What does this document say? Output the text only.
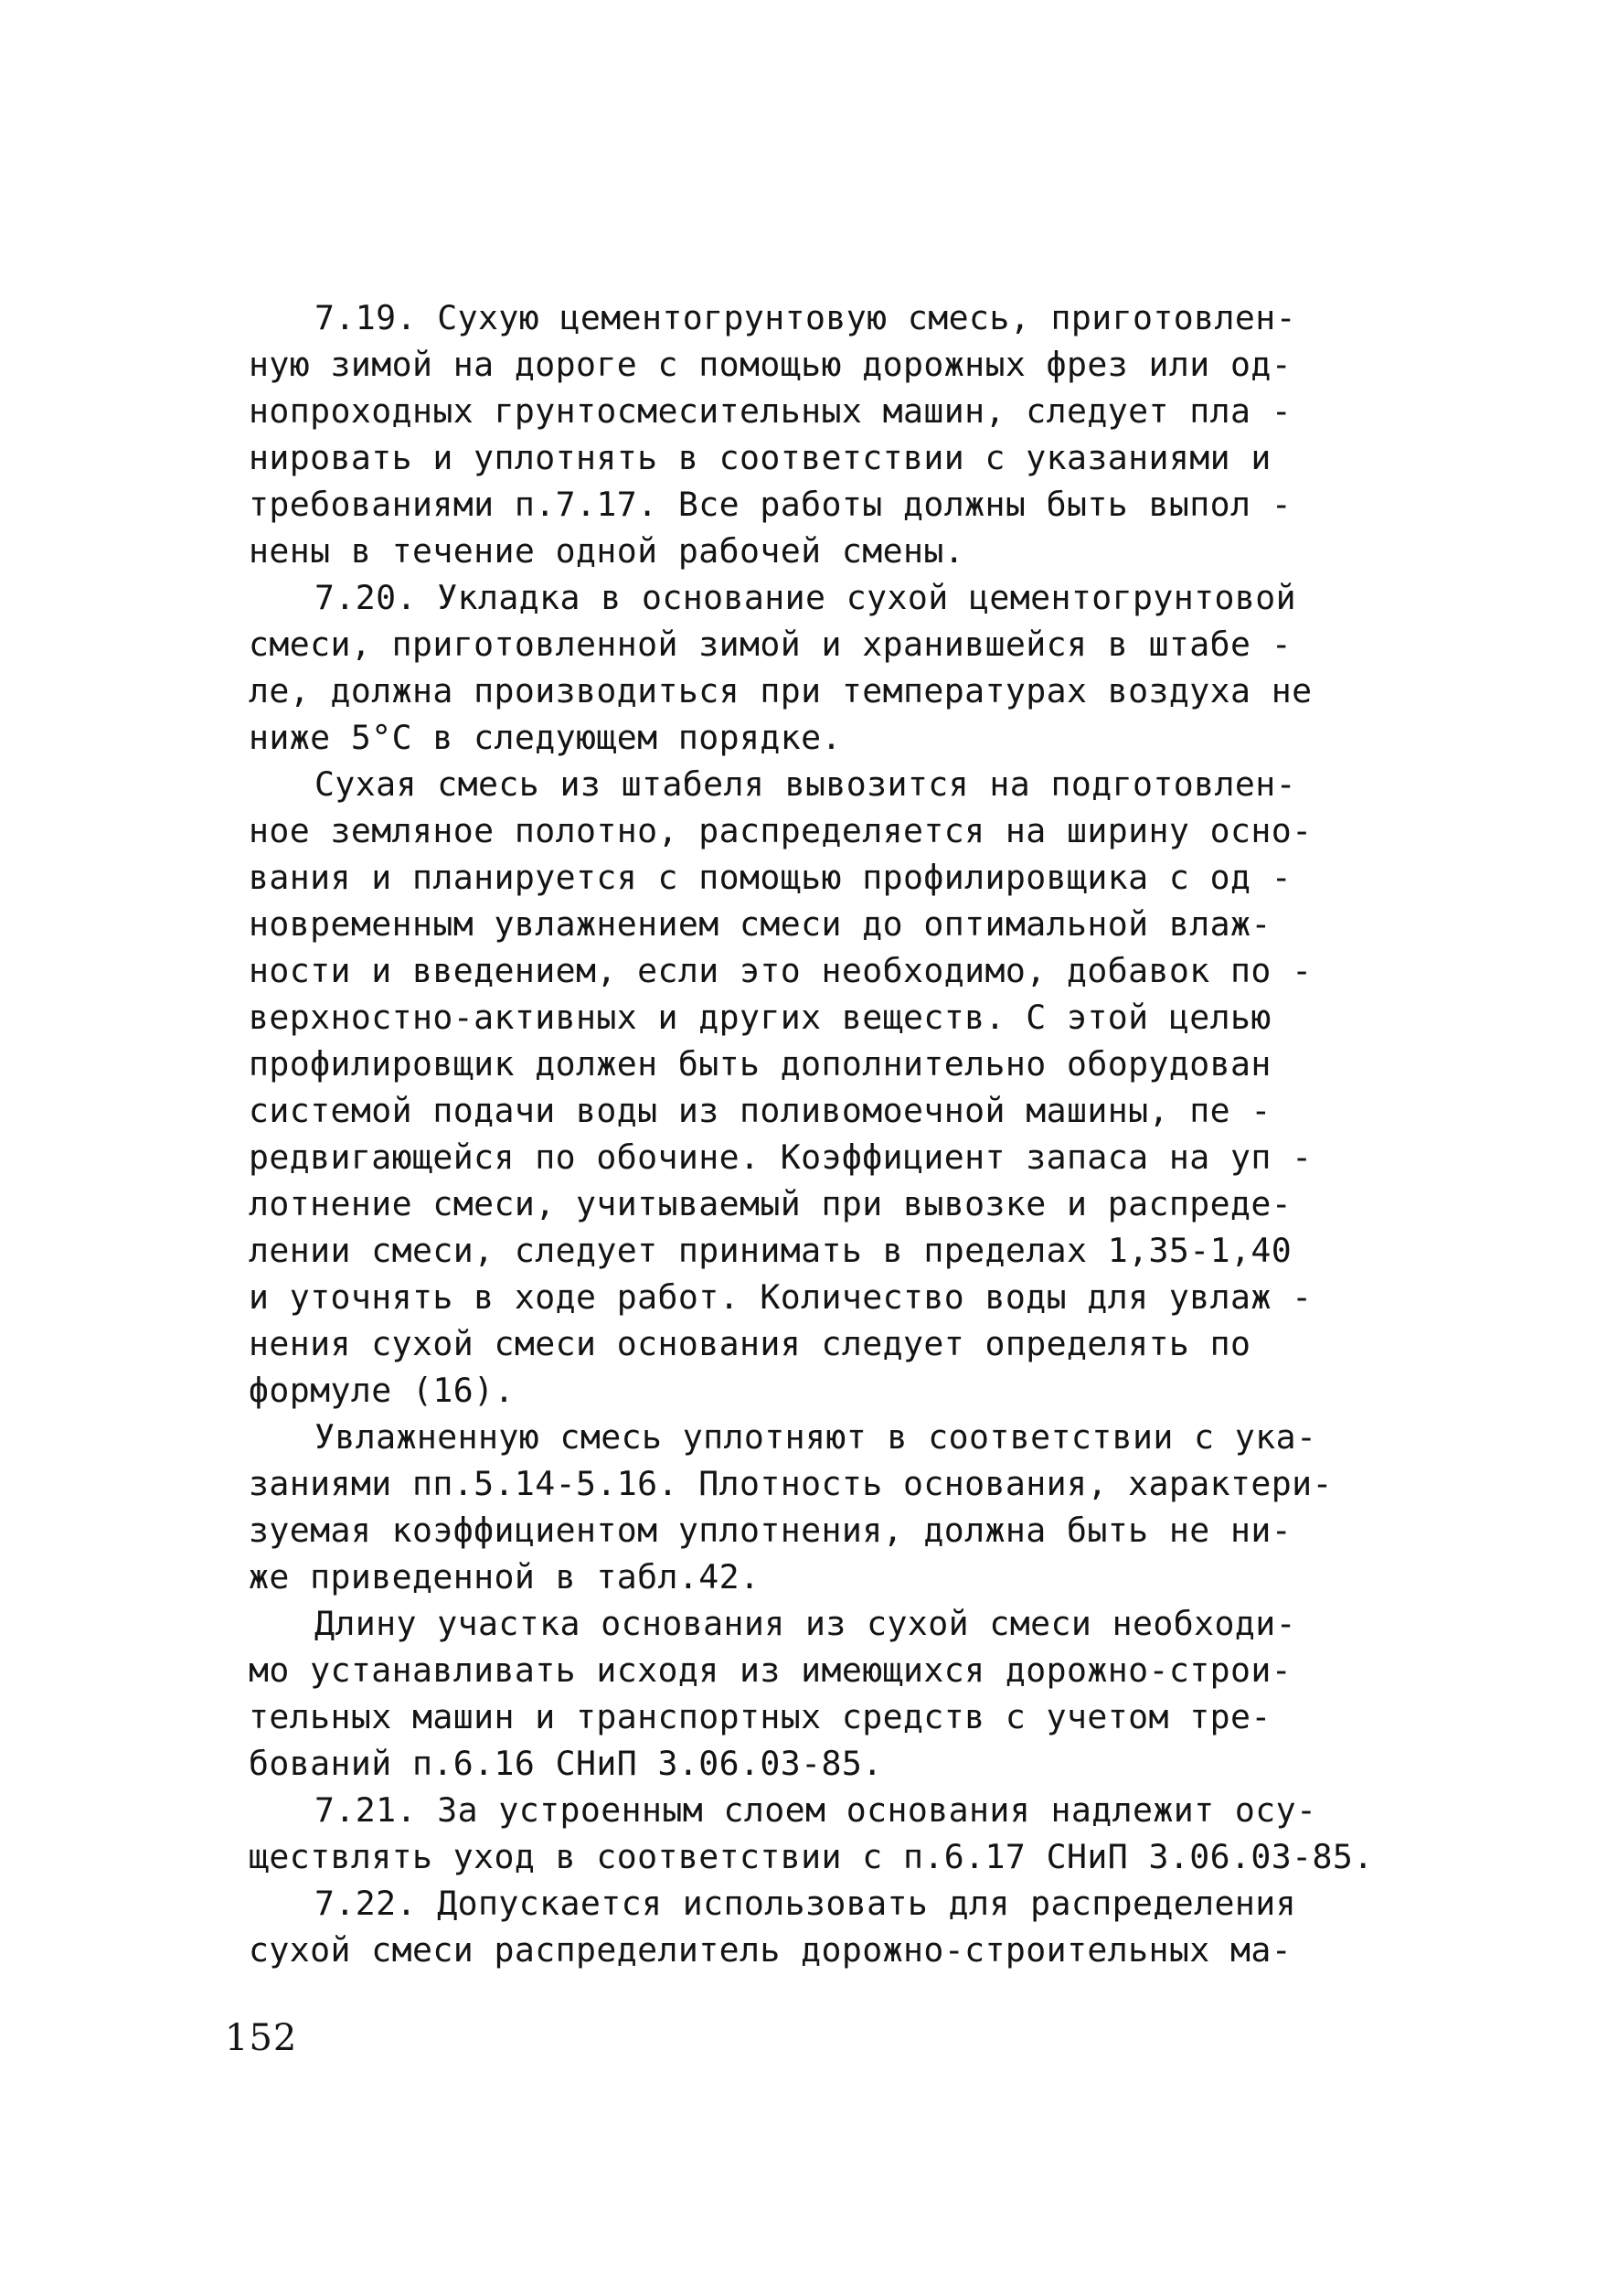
7.19. Сухую цементогрунтовую смесь, приготовлен-
ную зимой на дороге с помощью дорожных фрез или од-
нопроходных грунтосмесительных машин, следует пла -
нировать и уплотнять в соответствии с указаниями и
требованиями п.7.17. Все работы должны быть выпол -
нены в течение одной рабочей смены.
7.20. Укладка в основание сухой цементогрунтовой
смеси, приготовленной зимой и хранившейся в штабе -
ле, должна производиться при температурах воздуха не
ниже 5°С в следующем порядке.
Сухая смесь из штабеля вывозится на подготовлен-
ное земляное полотно, распределяется на ширину осно-
вания и планируется с помощью профилировщика с од -
новременным увлажнением смеси до оптимальной влаж-
ности и введением, если это необходимо, добавок по -
верхностно-активных и других веществ. С этой целью
профилировщик должен быть дополнительно оборудован
системой подачи воды из поливомоечной машины, пе -
редвигающейся по обочине. Коэффициент запаса на уп -
лотнение смеси, учитываемый при вывозке и распреде-
лении смеси, следует принимать в пределах 1,35-1,40
и уточнять в ходе работ. Количество воды для увлаж -
нения сухой смеси основания следует определять по
формуле (16).
Увлажненную смесь уплотняют в соответствии с ука-
заниями пп.5.14-5.16. Плотность основания, характери-
зуемая коэффициентом уплотнения, должна быть не ни-
же приведенной в табл.42.
Длину участка основания из сухой смеси необходи-
мо устанавливать исходя из имеющихся дорожно-строи-
тельных машин и транспортных средств с учетом тре-
бований п.6.16 СНиП 3.06.03-85.
7.21. За устроенным слоем основания надлежит осу-
ществлять уход в соответствии с п.6.17 СНиП 3.06.03-85.
7.22. Допускается использовать для распределения
сухой смеси распределитель дорожно-строительных ма-
152
